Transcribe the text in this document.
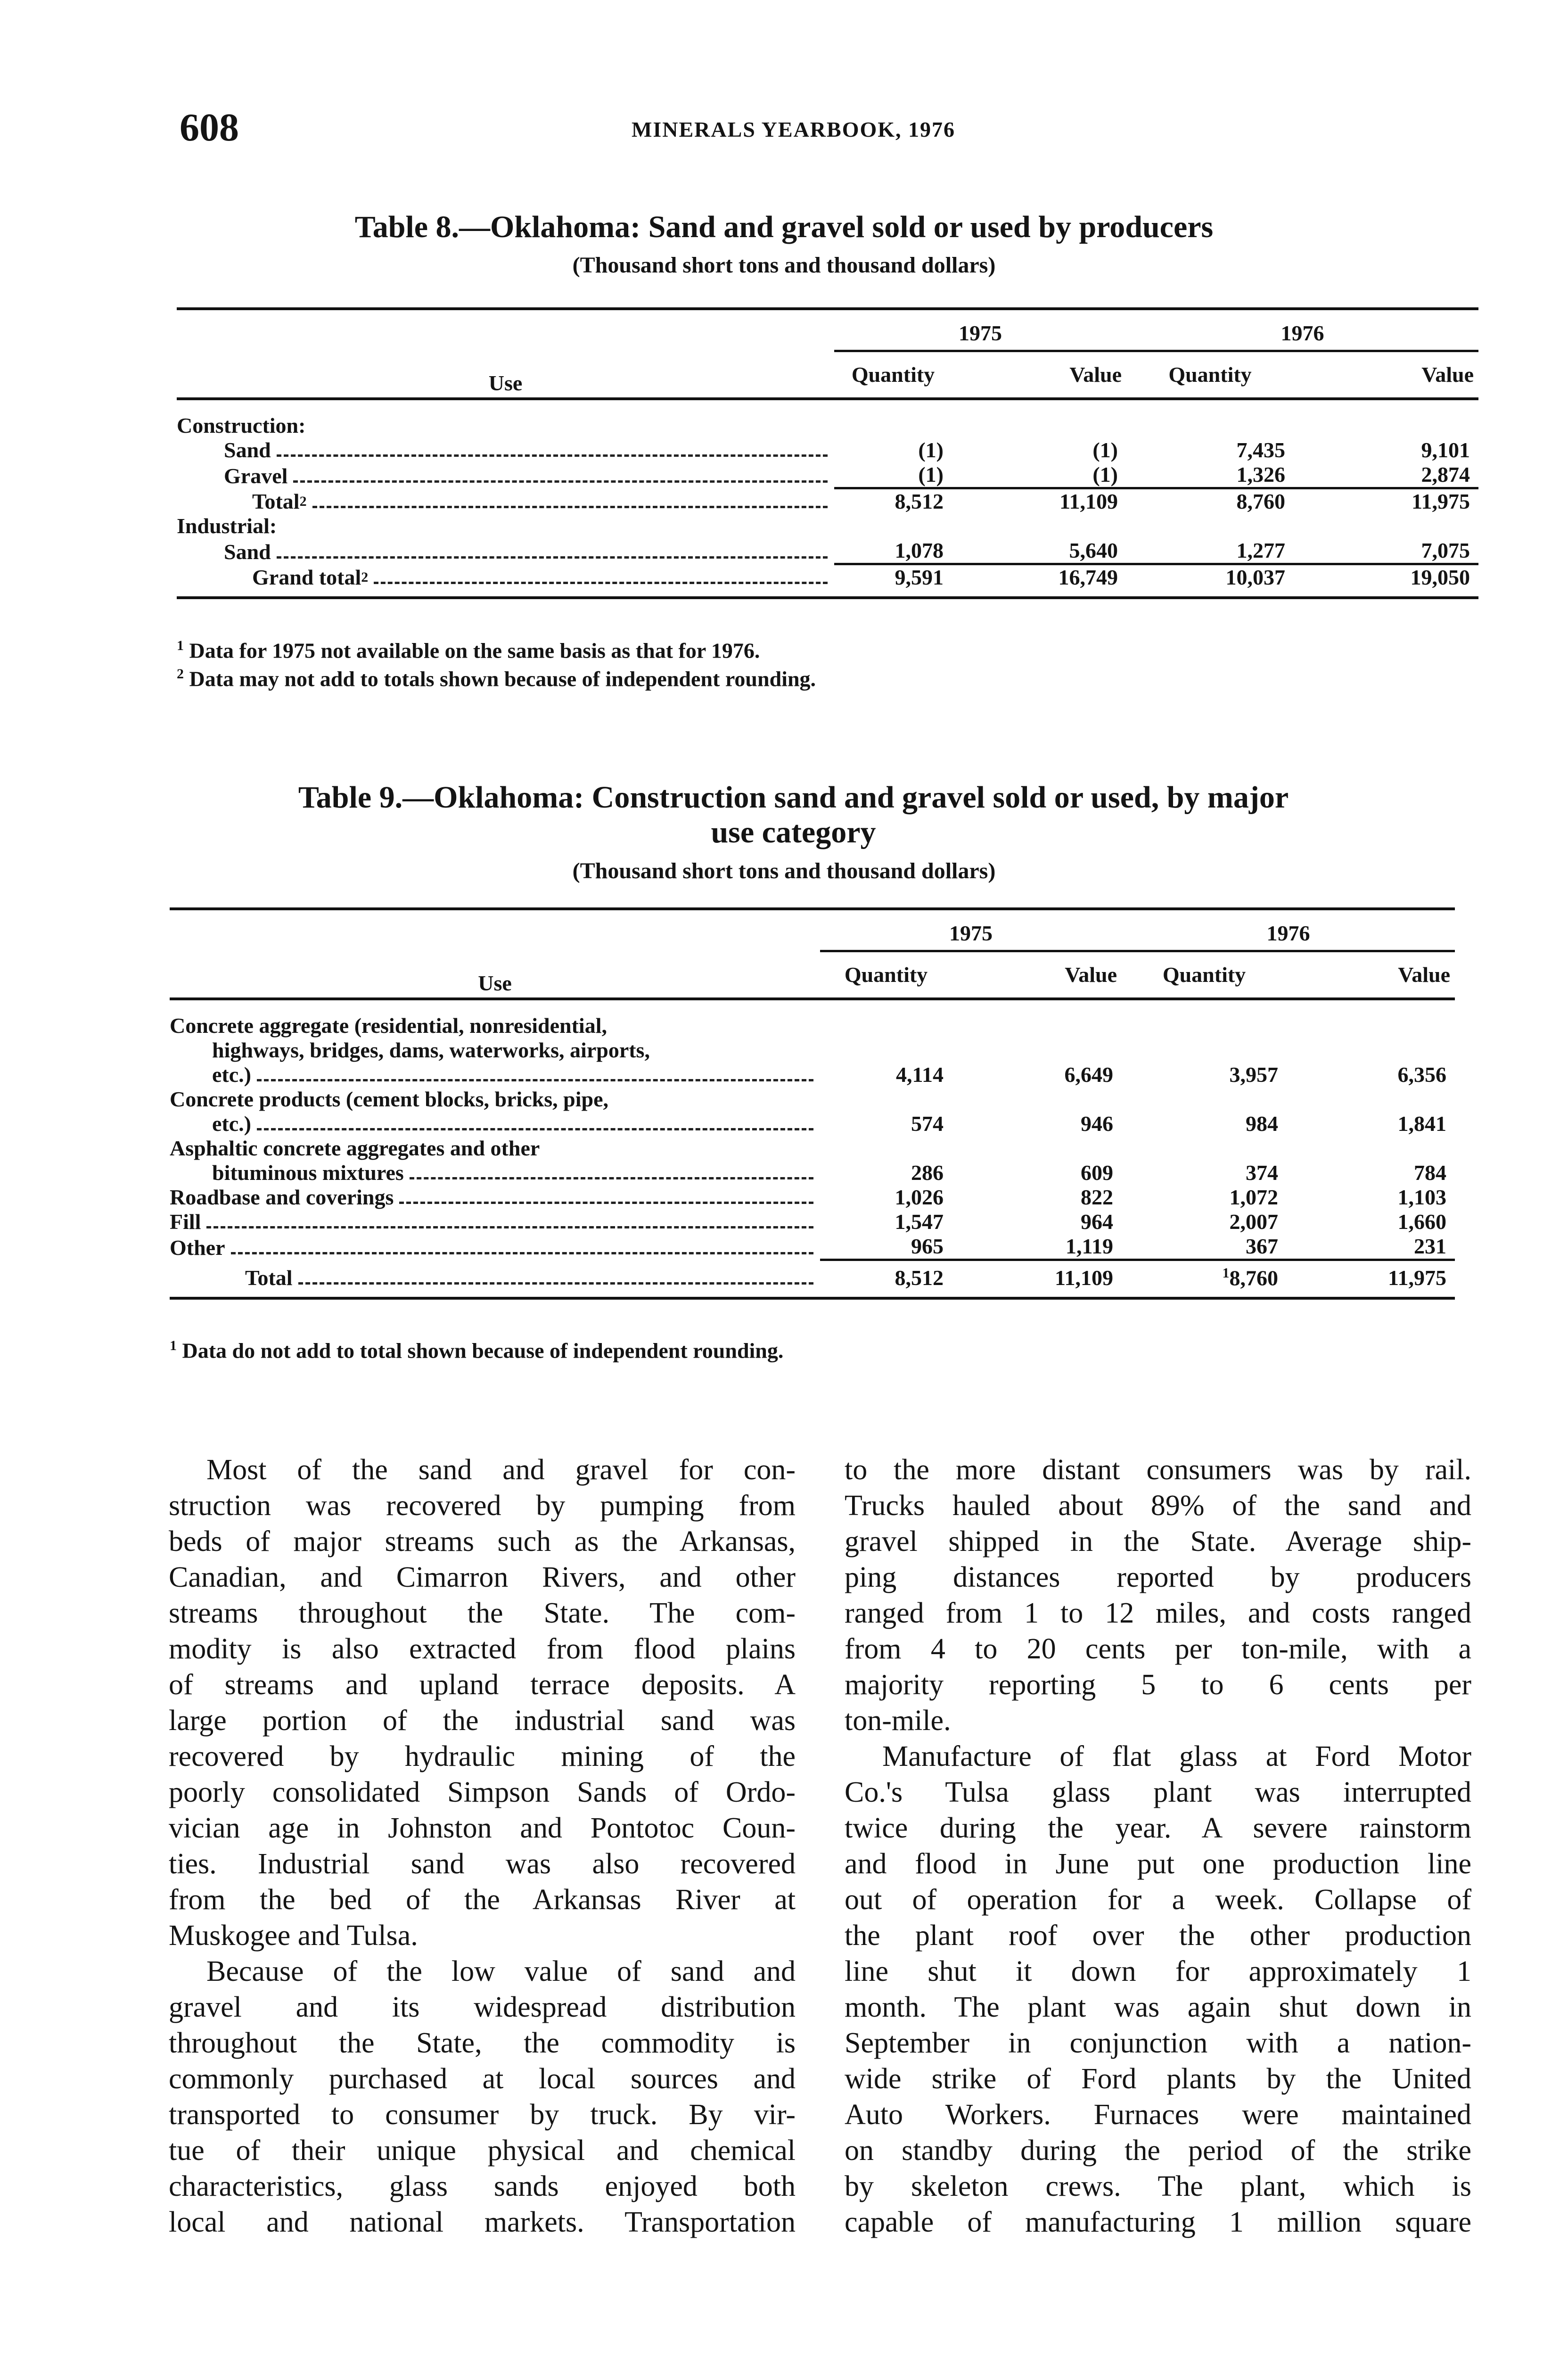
608	MINERALS YEARBOOK, 1976
Table 8.—Oklahoma: Sand and gravel sold or used by producers
(Thousand short tons and thousand dollars)
Use	1975		1976	
	Quantity	Value	Quantity	Value

Construction:				

Sand	(1)	(1)	7,435	9,101

Gravel	(1)	(1)	1,326	2,874

Total 2	8,512	11,109	8,760	11,975

Industrial:				

Sand	1,078	5,640	1,277	7,075

Grand total 2	9,591	16,749	10,037	19,050

$^1$ Data for 1975 not available on the same basis as that for 1976.
$^2$ Data may not add to totals shown because of independent rounding.
Table 9.—Oklahoma: Construction sand and gravel sold or used, by major
use category
(Thousand short tons and thousand dollars)
Use	1975		1976	
	Quantity	Value	Quantity	Value

Concrete aggregate (residential, nonresidential,
highways, bridges, dams, waterworks, airports,
etc.)	4,114	6,649	3,957	6,356

Concrete products (cement blocks, bricks, pipe,
etc.)	574	946	984	1,841

Asphaltic concrete aggregates and other
bituminous mixtures	286	609	374	784

Roadbase and coverings	1,026	822	1,072	1,103

Fill	1,547	964	2,007	1,660

Other	965	1,119	367	231

Total	8,512	11,109	$^1$8,760	11,975

$^1$ Data do not add to total shown because of independent rounding.
Most of the sand and gravel for con-
struction was recovered by pumping from
beds of major streams such as the Arkansas,
Canadian, and Cimarron Rivers, and other
streams throughout the State. The com-
modity is also extracted from flood plains
of streams and upland terrace deposits. A
large portion of the industrial sand was
recovered by hydraulic mining of the
poorly consolidated Simpson Sands of Ordo-
vician age in Johnston and Pontotoc Coun-
ties. Industrial sand was also recovered
from the bed of the Arkansas River at
Muskogee and Tulsa.
Because of the low value of sand and
gravel and its widespread distribution
throughout the State, the commodity is
commonly purchased at local sources and
transported to consumer by truck. By vir-
tue of their unique physical and chemical
characteristics, glass sands enjoyed both
local and national markets. Transportation
to the more distant consumers was by rail.
Trucks hauled about 89% of the sand and
gravel shipped in the State. Average ship-
ping distances reported by producers
ranged from 1 to 12 miles, and costs ranged
from 4 to 20 cents per ton-mile, with a
majority reporting 5 to 6 cents per
ton-mile.
Manufacture of flat glass at Ford Motor
Co.'s Tulsa glass plant was interrupted
twice during the year. A severe rainstorm
and flood in June put one production line
out of operation for a week. Collapse of
the plant roof over the other production
line shut it down for approximately 1
month. The plant was again shut down in
September in conjunction with a nation-
wide strike of Ford plants by the United
Auto Workers. Furnaces were maintained
on standby during the period of the strike
by skeleton crews. The plant, which is
capable of manufacturing 1 million square
